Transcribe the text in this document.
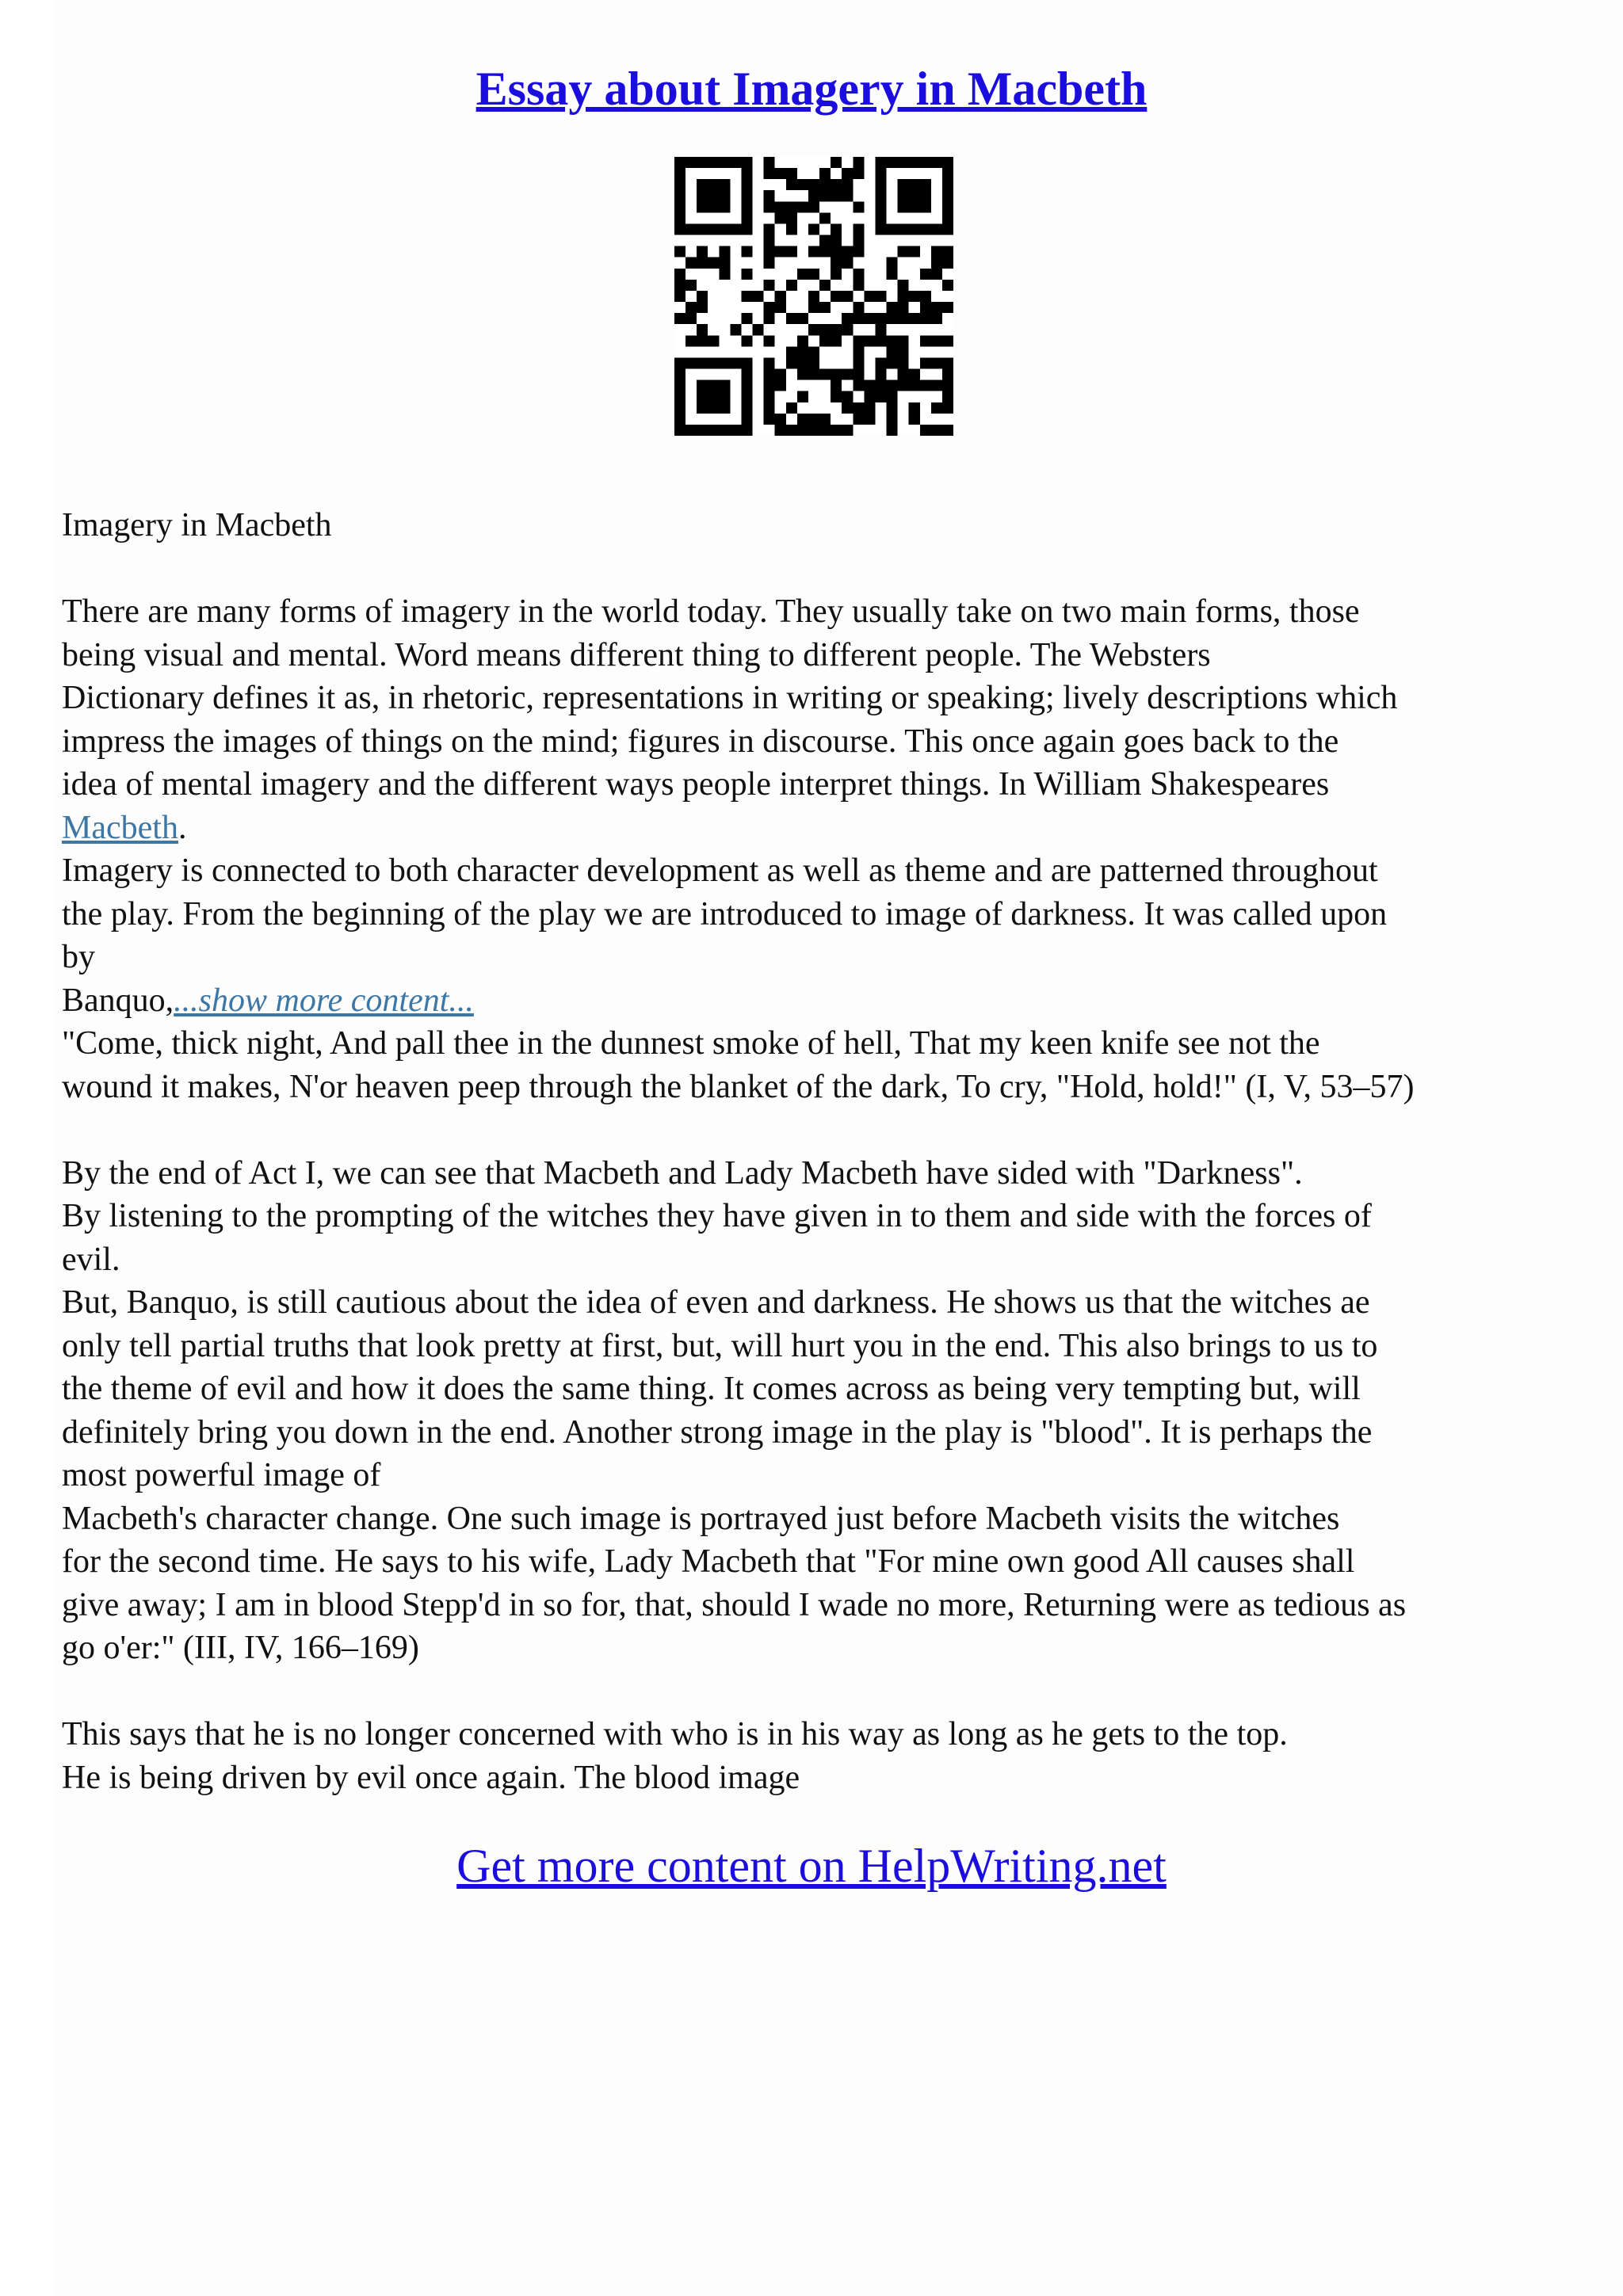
Essay about Imagery in Macbeth
Imagery in Macbeth
There are many forms of imagery in the world today. They usually take on two main forms, those
being visual and mental. Word means different thing to different people. The Websters
Dictionary defines it as, in rhetoric, representations in writing or speaking; lively descriptions which
impress the images of things on the mind; figures in discourse. This once again goes back to the
idea of mental imagery and the different ways people interpret things. In William Shakespeares
Macbeth.
Imagery is connected to both character development as well as theme and are patterned throughout
the play. From the beginning of the play we are introduced to image of darkness. It was called upon
by
Banquo,...show more content...
"Come, thick night, And pall thee in the dunnest smoke of hell, That my keen knife see not the
wound it makes, N'or heaven peep through the blanket of the dark, To cry, "Hold, hold!" (I, V, 53–57)
By the end of Act I, we can see that Macbeth and Lady Macbeth have sided with "Darkness".
By listening to the prompting of the witches they have given in to them and side with the forces of
evil.
But, Banquo, is still cautious about the idea of even and darkness. He shows us that the witches ae
only tell partial truths that look pretty at first, but, will hurt you in the end. This also brings to us to
the theme of evil and how it does the same thing. It comes across as being very tempting but, will
definitely bring you down in the end. Another strong image in the play is "blood". It is perhaps the
most powerful image of
Macbeth's character change. One such image is portrayed just before Macbeth visits the witches
for the second time. He says to his wife, Lady Macbeth that "For mine own good All causes shall
give away; I am in blood Stepp'd in so for, that, should I wade no more, Returning were as tedious as
go o'er:" (III, IV, 166–169)
This says that he is no longer concerned with who is in his way as long as he gets to the top.
He is being driven by evil once again. The blood image
Get more content on HelpWriting.net
